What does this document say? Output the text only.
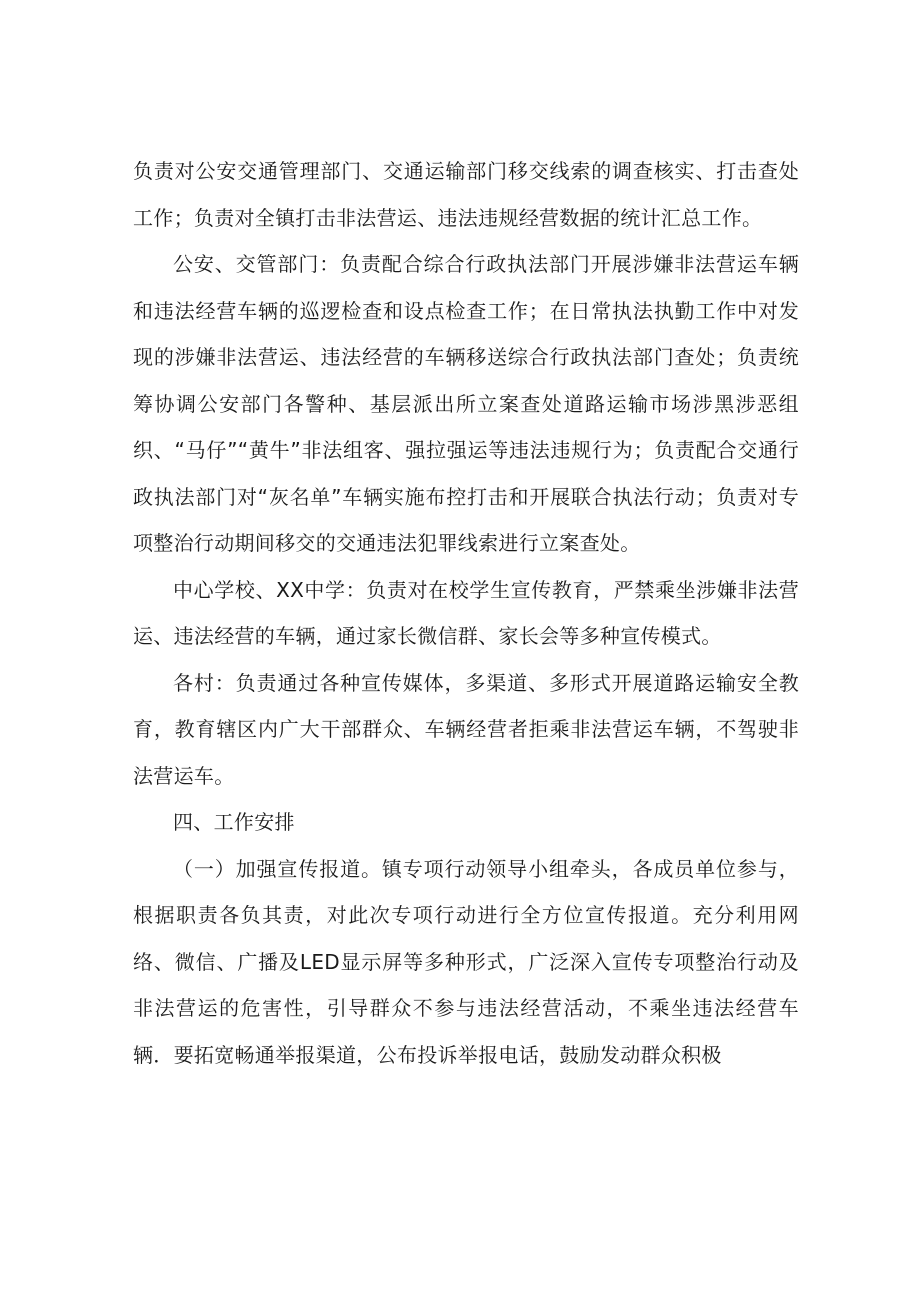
负责对公安交通管理部门、交通运输部门移交线索的调查核实、打击查处工作；负责对全镇打击非法营运、违法违规经营数据的统计汇总工作。

公安、交管部门：负责配合综合行政执法部门开展涉嫌非法营运车辆和违法经营车辆的巡逻检查和设点检查工作；在日常执法执勤工作中对发现的涉嫌非法营运、违法经营的车辆移送综合行政执法部门查处；负责统筹协调公安部门各警种、基层派出所立案查处道路运输市场涉黑涉恶组织、“马仔”“黄牛”非法组客、强拉强运等违法违规行为；负责配合交通行政执法部门对“灰名单”车辆实施布控打击和开展联合执法行动；负责对专项整治行动期间移交的交通违法犯罪线索进行立案查处。

中心学校、XX中学：负责对在校学生宣传教育，严禁乘坐涉嫌非法营运、违法经营的车辆，通过家长微信群、家长会等多种宣传模式。

各村：负责通过各种宣传媒体，多渠道、多形式开展道路运输安全教育，教育辖区内广大干部群众、车辆经营者拒乘非法营运车辆，不驾驶非法营运车。

四、工作安排

（一）加强宣传报道。镇专项行动领导小组牵头，各成员单位参与，根据职责各负其责，对此次专项行动进行全方位宣传报道。充分利用网络、微信、广播及LED显示屏等多种形式，广泛深入宣传专项整治行动及非法营运的危害性，引导群众不参与违法经营活动，不乘坐违法经营车辆．要拓宽畅通举报渠道，公布投诉举报电话，鼓励发动群众积极
